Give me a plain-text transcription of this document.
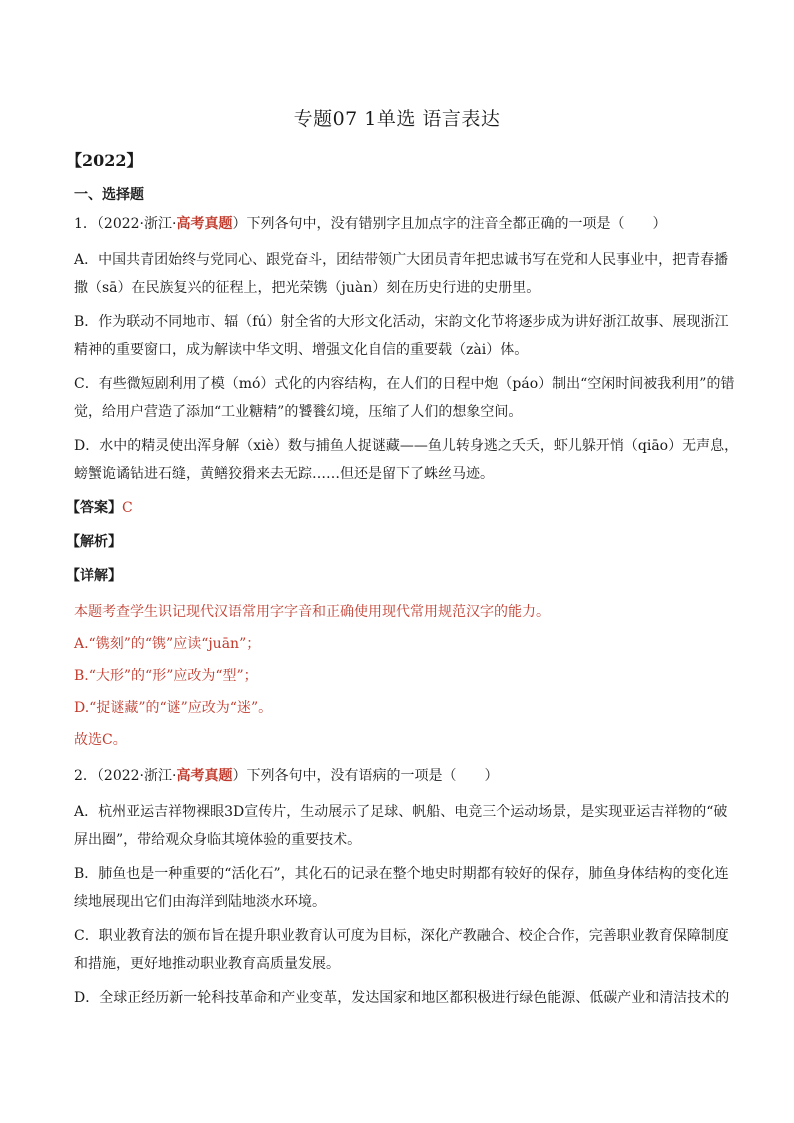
专题07 1单选 语言表达
【2022】
一、选择题
1．（2022·浙江·高考真题）下列各句中，没有错别字且加点字的注音全都正确的一项是（　　）

A．中国共青团始终与党同心、跟党奋斗，团结带领广大团员青年把忠诚书写在党和人民事业中，把青春播

撒（sā）在民族复兴的征程上，把光荣镌（juàn）刻在历史行进的史册里。

B．作为联动不同地市、辐（fú）射全省的大形文化活动，宋韵文化节将逐步成为讲好浙江故事、展现浙江

精神的重要窗口，成为解读中华文明、增强文化自信的重要载（zài）体。

C．有些微短剧利用了模（mó）式化的内容结构，在人们的日程中炮（páo）制出“空闲时间被我利用”的错

觉，给用户营造了添加“工业糖精”的饕餮幻境，压缩了人们的想象空间。

D．水中的精灵使出浑身解（xiè）数与捕鱼人捉谜藏——鱼儿转身逃之夭夭，虾儿躲开悄（qiāo）无声息，

螃蟹诡谲钻进石缝，黄鳝狡猾来去无踪……但还是留下了蛛丝马迹。

【答案】C
【解析】
【详解】

本题考查学生识记现代汉语常用字字音和正确使用现代常用规范汉字的能力。

A.“镌刻”的“镌”应读“juān”；

B.“大形”的“形”应改为“型”；

D.“捉谜藏”的“谜”应改为“迷”。

故选C。

2．（2022·浙江·高考真题）下列各句中，没有语病的一项是（　　）

A．杭州亚运吉祥物裸眼3D宣传片，生动展示了足球、帆船、电竞三个运动场景，是实现亚运吉祥物的“破

屏出圈”，带给观众身临其境体验的重要技术。

B．肺鱼也是一种重要的“活化石”，其化石的记录在整个地史时期都有较好的保存，肺鱼身体结构的变化连

续地展现出它们由海洋到陆地淡水环境。

C．职业教育法的颁布旨在提升职业教育认可度为目标，深化产教融合、校企合作，完善职业教育保障制度

和措施，更好地推动职业教育高质量发展。

D．全球正经历新一轮科技革命和产业变革，发达国家和地区都积极进行绿色能源、低碳产业和清洁技术的
